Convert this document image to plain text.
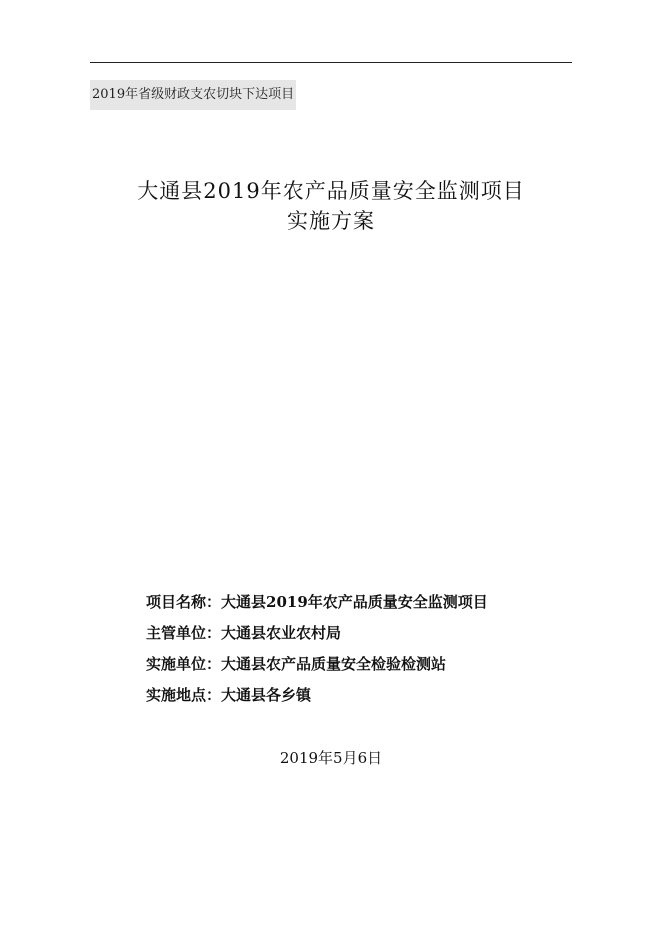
2019年省级财政支农切块下达项目
大通县2019年农产品质量安全监测项目
实施方案
项目名称：大通县2019年农产品质量安全监测项目
主管单位：大通县农业农村局
实施单位：大通县农产品质量安全检验检测站
实施地点：大通县各乡镇
2019年5月6日
